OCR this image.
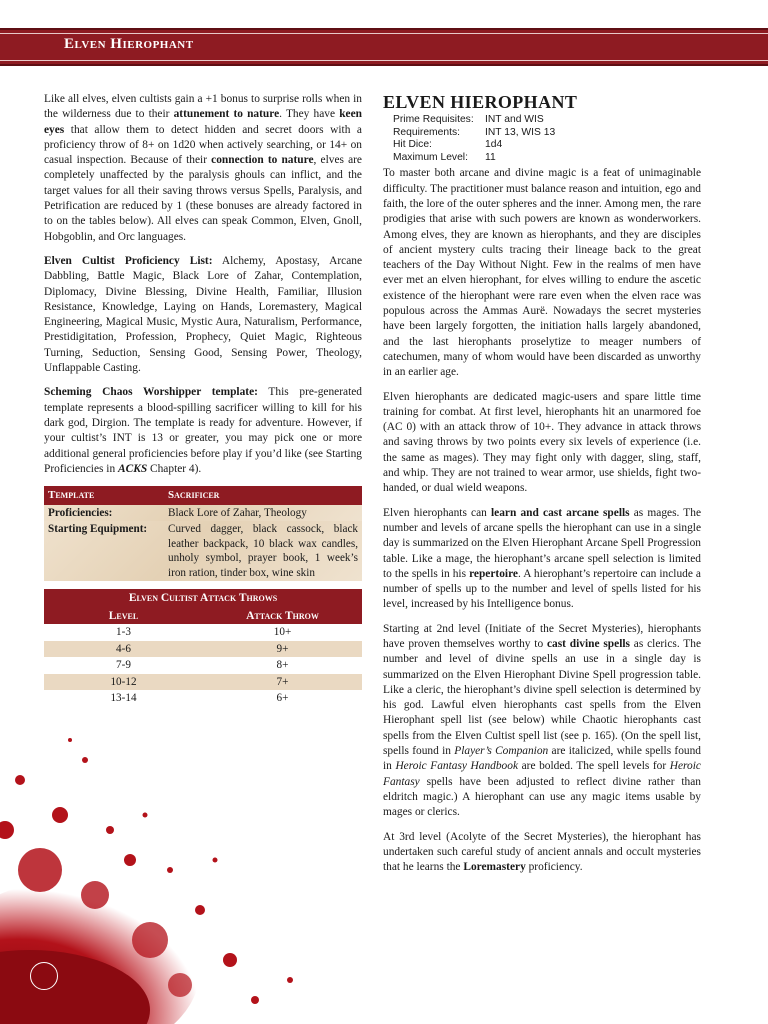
Elven Hierophant

Like all elves, elven cultists gain a +1 bonus to surprise rolls when in the wilderness due to their attunement to nature. They have keen eyes that allow them to detect hidden and secret doors with a proficiency throw of 8+ on 1d20 when actively searching, or 14+ on casual inspection. Because of their connection to nature, elves are completely unaffected by the paralysis ghouls can inflict, and the target values for all their saving throws versus Spells, Paralysis, and Petrification are reduced by 1 (these bonuses are already factored in to on the tables below). All elves can speak Common, Elven, Gnoll, Hobgoblin, and Orc languages.

Elven Cultist Proficiency List: Alchemy, Apostasy, Arcane Dabbling, Battle Magic, Black Lore of Zahar, Contemplation, Diplomacy, Divine Blessing, Divine Health, Familiar, Illusion Resistance, Knowledge, Laying on Hands, Loremastery, Magical Engineering, Magical Music, Mystic Aura, Naturalism, Performance, Prestidigitation, Profession, Prophecy, Quiet Magic, Righteous Turning, Seduction, Sensing Good, Sensing Power, Theology, Unflappable Casting.

Scheming Chaos Worshipper template: This pre-generated template represents a blood-spilling sacrificer willing to kill for his dark god, Dirgion. The template is ready for adventure. However, if your cultist’s INT is 13 or greater, you may pick one or more additional general proficiencies before play if you’d like (see Starting Proficiencies in ACKS Chapter 4).

Template	Sacrificer
Proficiencies:	Black Lore of Zahar, Theology
Starting Equipment:	Curved dagger, black cassock, black leather backpack, 10 black wax candles, unholy symbol, prayer book, 1 week’s iron ration, tinder box, wine skin
Elven Cultist Attack Throws	
Level	Attack Throw
1-3	10+
4-6	9+
7-9	8+
10-12	7+
13-14	6+
ELVEN HIEROPHANT
Prime Requisites:	INT and WIS
Requirements:	INT 13, WIS 13
Hit Dice:	1d4
Maximum Level:	11

To master both arcane and divine magic is a feat of unimaginable difficulty. The practitioner must balance reason and intuition, ego and faith, the lore of the outer spheres and the inner. Among men, the rare prodigies that arise with such powers are known as wonderworkers. Among elves, they are known as hierophants, and they are disciples of ancient mystery cults tracing their lineage back to the great teachers of the Day Without Night. Few in the realms of men have ever met an elven hierophant, for elves willing to endure the ascetic existence of the hierophant were rare even when the elven race was populous across the Ammas Aurë. Nowadays the secret mysteries have been largely forgotten, the initiation halls largely abandoned, and the last hierophants proselytize to meager numbers of catechumen, many of whom would have been discarded as unworthy in an earlier age.

Elven hierophants are dedicated magic-users and spare little time training for combat. At first level, hierophants hit an unarmored foe (AC 0) with an attack throw of 10+. They advance in attack throws and saving throws by two points every six levels of experience (i.e. the same as mages). They may fight only with dagger, sling, staff, and whip. They are not trained to wear armor, use shields, fight two-handed, or dual wield weapons.

Elven hierophants can learn and cast arcane spells as mages. The number and levels of arcane spells the hierophant can use in a single day is summarized on the Elven Hierophant Arcane Spell Progression table. Like a mage, the hierophant’s arcane spell selection is limited to the spells in his repertoire. A hierophant’s repertoire can include a number of spells up to the number and level of spells listed for his level, increased by his Intelligence bonus.

Starting at 2nd level (Initiate of the Secret Mysteries), hierophants have proven themselves worthy to cast divine spells as clerics. The number and level of divine spells an use in a single day is summarized on the Elven Hierophant Divine Spell progression table. Like a cleric, the hierophant’s divine spell selection is determined by his god. Lawful elven hierophants cast spells from the Elven Hierophant spell list (see below) while Chaotic hierophants cast spells from the Elven Cultist spell list (see p. 165). (On the spell list, spells found in Player’s Companion are italicized, while spells found in Heroic Fantasy Handbook are bolded. The spell levels for Heroic Fantasy spells have been adjusted to reflect divine rather than eldritch magic.) A hierophant can use any magic items usable by mages or clerics.

At 3rd level (Acolyte of the Secret Mysteries), the hierophant has undertaken such careful study of ancient annals and occult mysteries that he learns the Loremastery proficiency.
